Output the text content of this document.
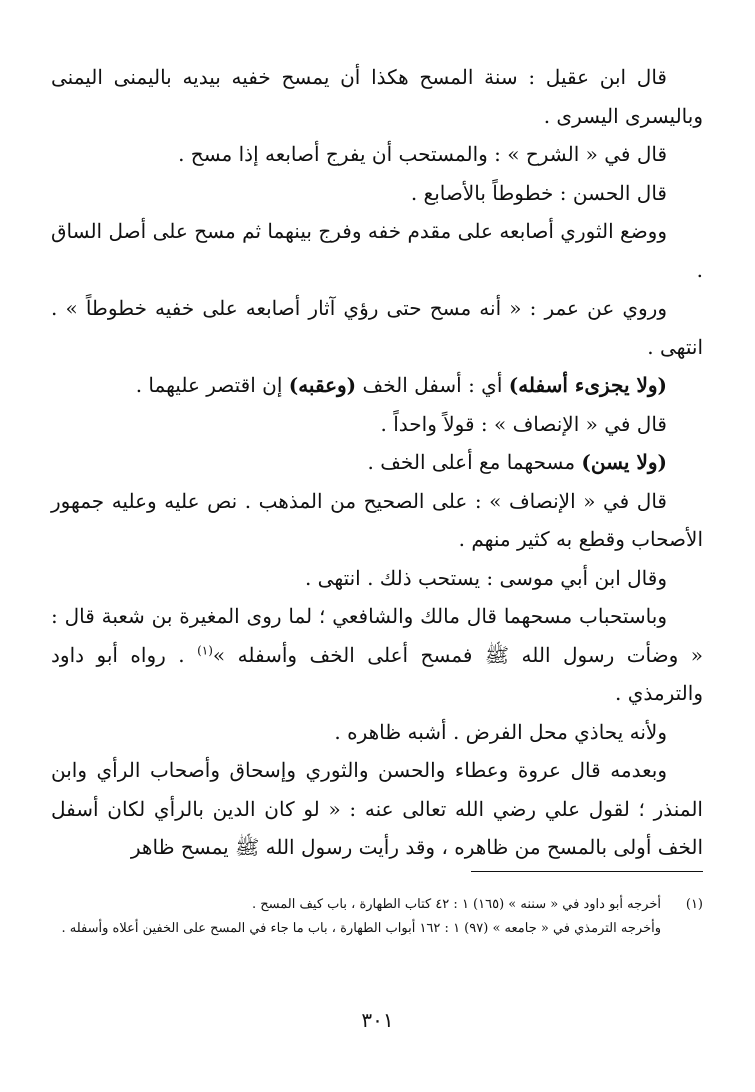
قال ابن عقيل : سنة المسح هكذا أن يمسح خفيه بيديه باليمنى اليمنى وباليسرى اليسرى .

قال في « الشرح » : والمستحب أن يفرج أصابعه إذا مسح .

قال الحسن : خطوطاً بالأصابع .

ووضع الثوري أصابعه على مقدم خفه وفرج بينهما ثم مسح على أصل الساق .

وروي عن عمر : « أنه مسح حتى رؤي آثار أصابعه على خفيه خطوطاً » . انتهى .

(ولا يجزىء أسفله) أي : أسفل الخف (وعقبه) إن اقتصر عليهما .

قال في « الإنصاف » : قولاً واحداً .

(ولا يسن) مسحهما مع أعلى الخف .

قال في « الإنصاف » : على الصحيح من المذهب . نص عليه وعليه جمهور الأصحاب وقطع به كثير منهم .

وقال ابن أبي موسى : يستحب ذلك . انتهى .

وباستحباب مسحهما قال مالك والشافعي ؛ لما روى المغيرة بن شعبة قال : « وضأت رسول الله ﷺ فمسح أعلى الخف وأسفله »$^{(١)}$ . رواه أبو داود والترمذي .

ولأنه يحاذي محل الفرض . أشبه ظاهره .

وبعدمه قال عروة وعطاء والحسن والثوري وإسحاق وأصحاب الرأي وابن المنذر ؛ لقول علي رضي الله تعالى عنه : « لو كان الدين بالرأي لكان أسفل الخف أولى بالمسح من ظاهره ، وقد رأيت رسول الله ﷺ يمسح ظاهر

(١)أخرجه أبو داود في « سننه » (١٦٥) ١ : ٤٢ كتاب الطهارة ، باب كيف المسح .

وأخرجه الترمذي في « جامعه » (٩٧) ١ : ١٦٢ أبواب الطهارة ، باب ما جاء في المسح على الخفين أعلاه وأسفله .

٣٠١
